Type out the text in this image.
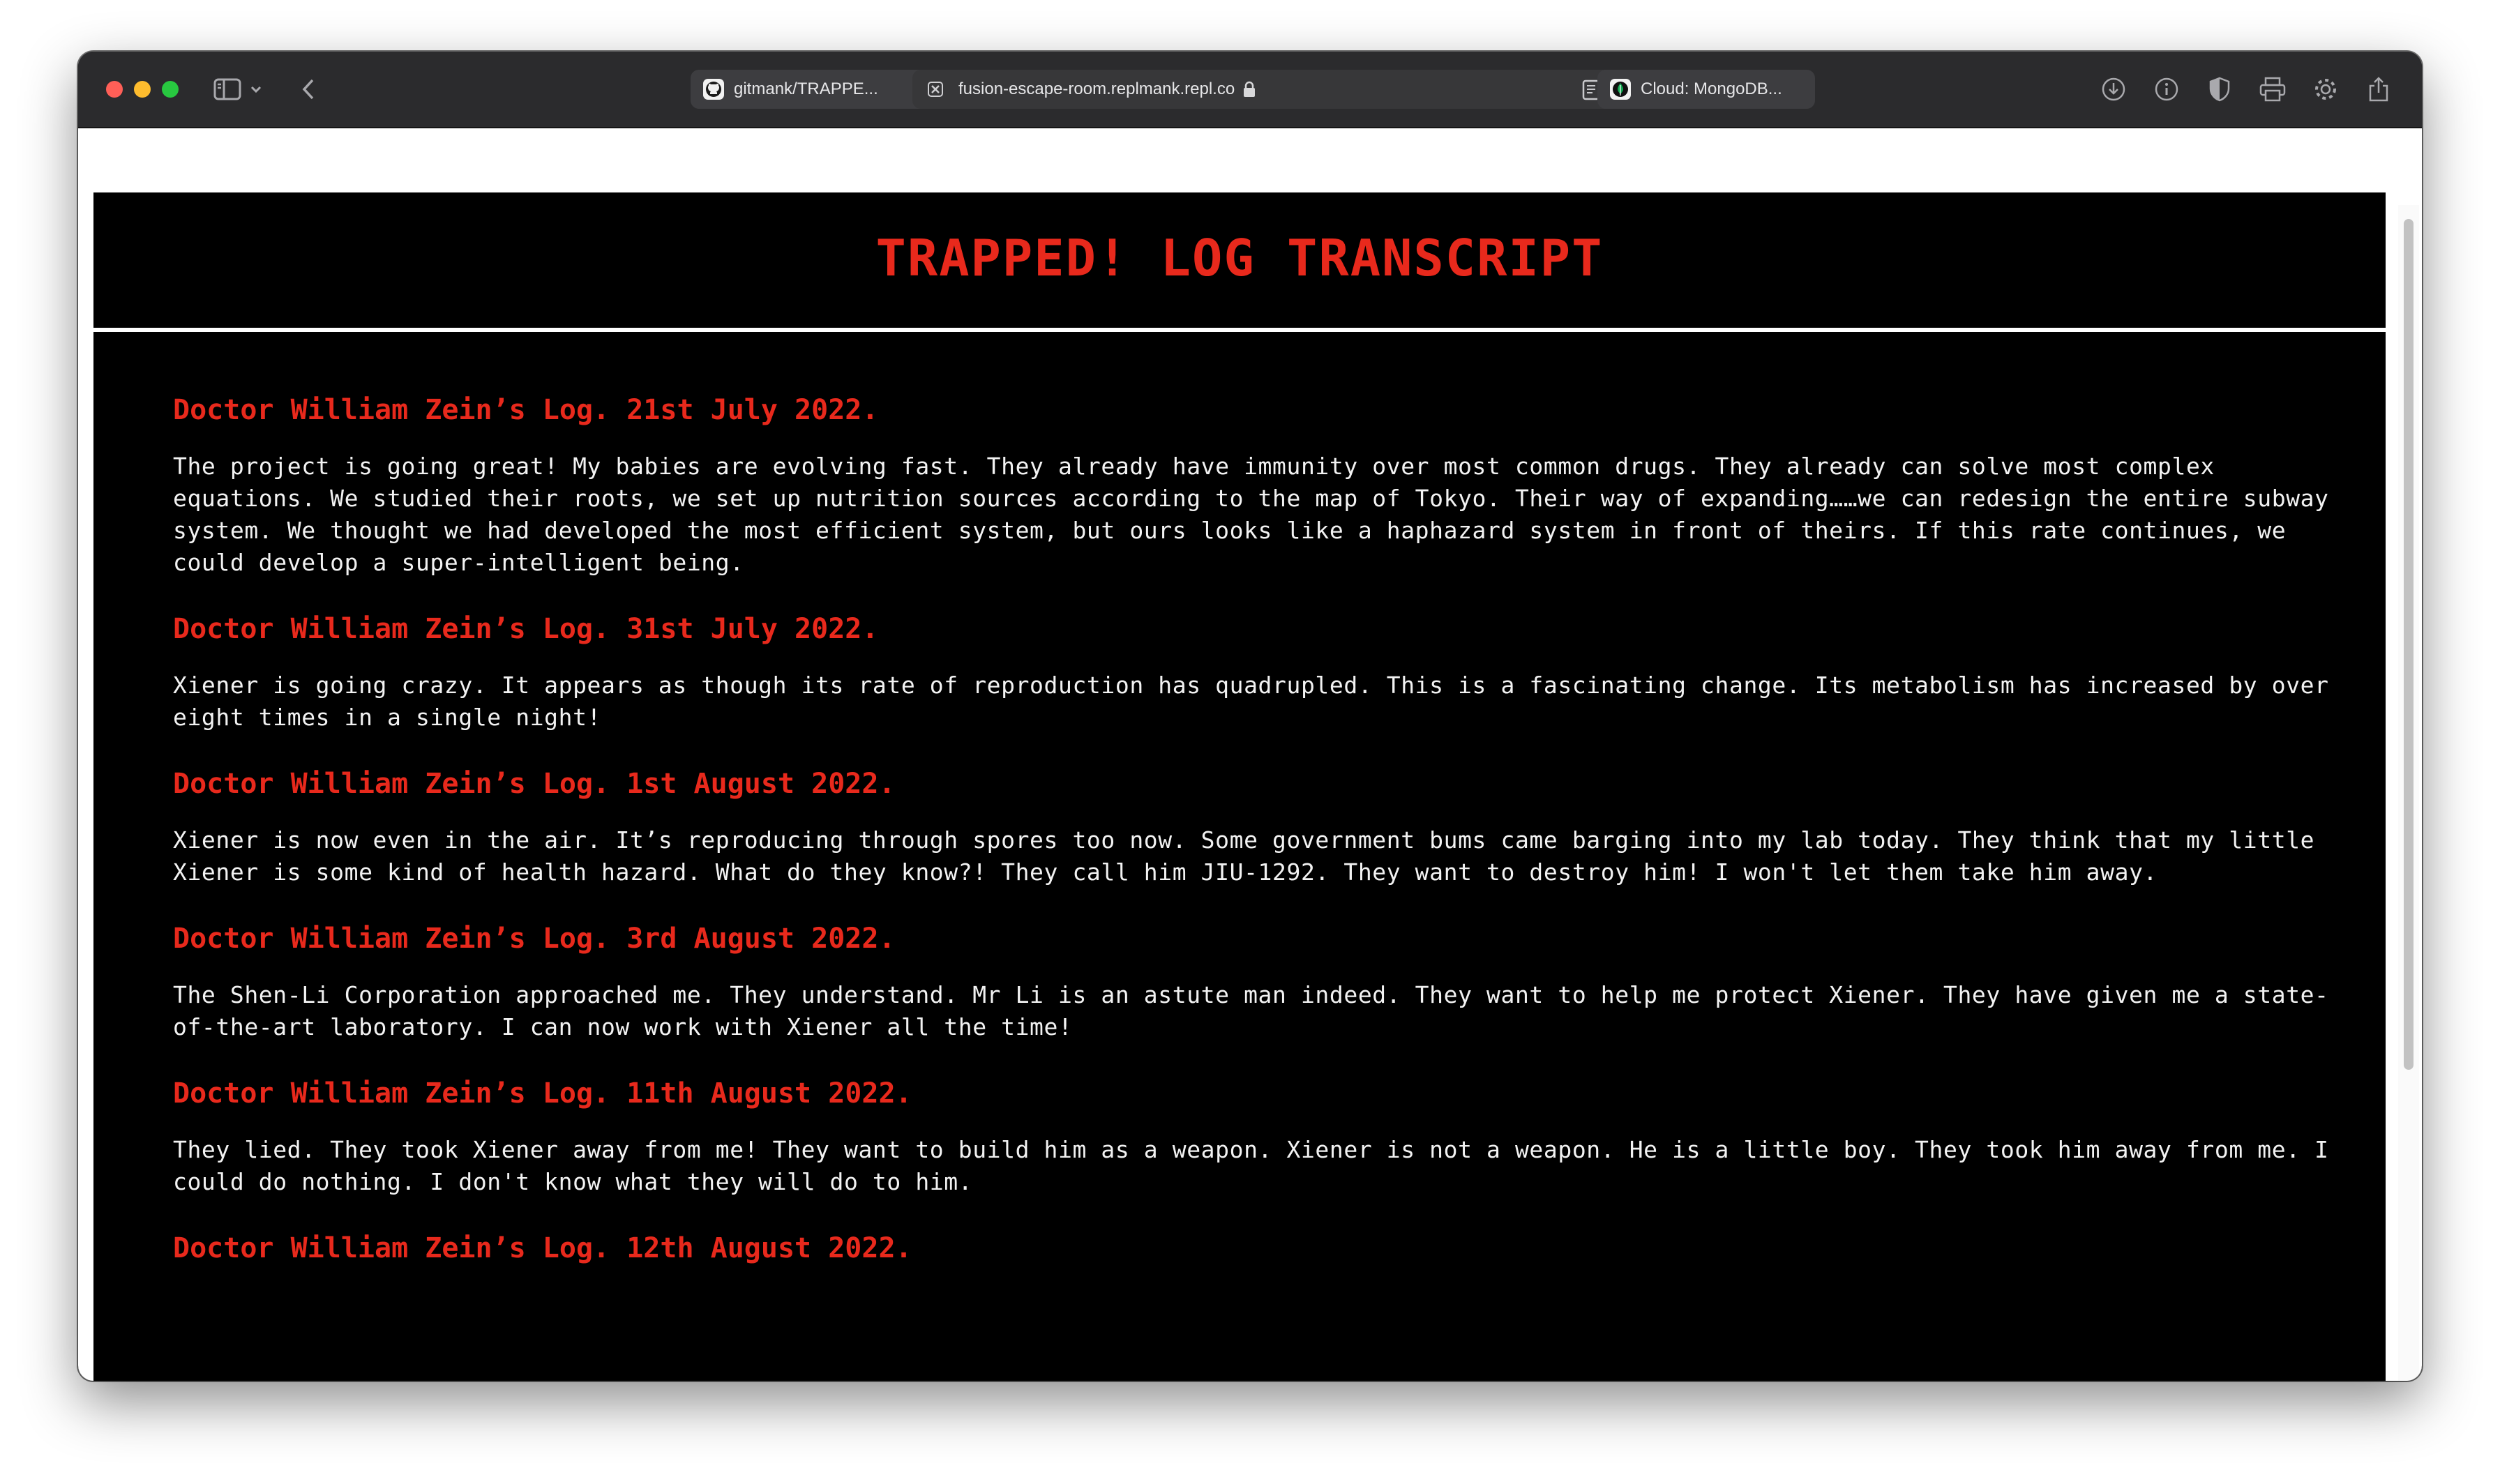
gitmank/TRAPPE...	fusion-escape-room.replmank.repl.co	Cloud: MongoDB...
TRAPPED! LOG TRANSCRIPT
Doctor William Zein’s Log. 21st July 2022.

The project is going great! My babies are evolving fast. They already have immunity over most common drugs. They already can solve most complex equations. We studied their roots, we set up nutrition sources according to the map of Tokyo. Their way of expanding……we can redesign the entire subway system. We thought we had developed the most efficient system, but ours looks like a haphazard system in front of theirs. If this rate continues, we could develop a super-intelligent being.

Doctor William Zein’s Log. 31st July 2022.

Xiener is going crazy. It appears as though its rate of reproduction has quadrupled. This is a fascinating change. Its metabolism has increased by over eight times in a single night!

Doctor William Zein’s Log. 1st August 2022.

Xiener is now even in the air. It’s reproducing through spores too now. Some government bums came barging into my lab today. They think that my little Xiener is some kind of health hazard. What do they know?! They call him JIU-1292. They want to destroy him! I won't let them take him away.

Doctor William Zein’s Log. 3rd August 2022.

The Shen-Li Corporation approached me. They understand. Mr Li is an astute man indeed. They want to help me protect Xiener. They have given me a state-of-the-art laboratory. I can now work with Xiener all the time!

Doctor William Zein’s Log. 11th August 2022.

They lied. They took Xiener away from me! They want to build him as a weapon. Xiener is not a weapon. He is a little boy. They took him away from me. I could do nothing. I don't know what they will do to him.

Doctor William Zein’s Log. 12th August 2022.
